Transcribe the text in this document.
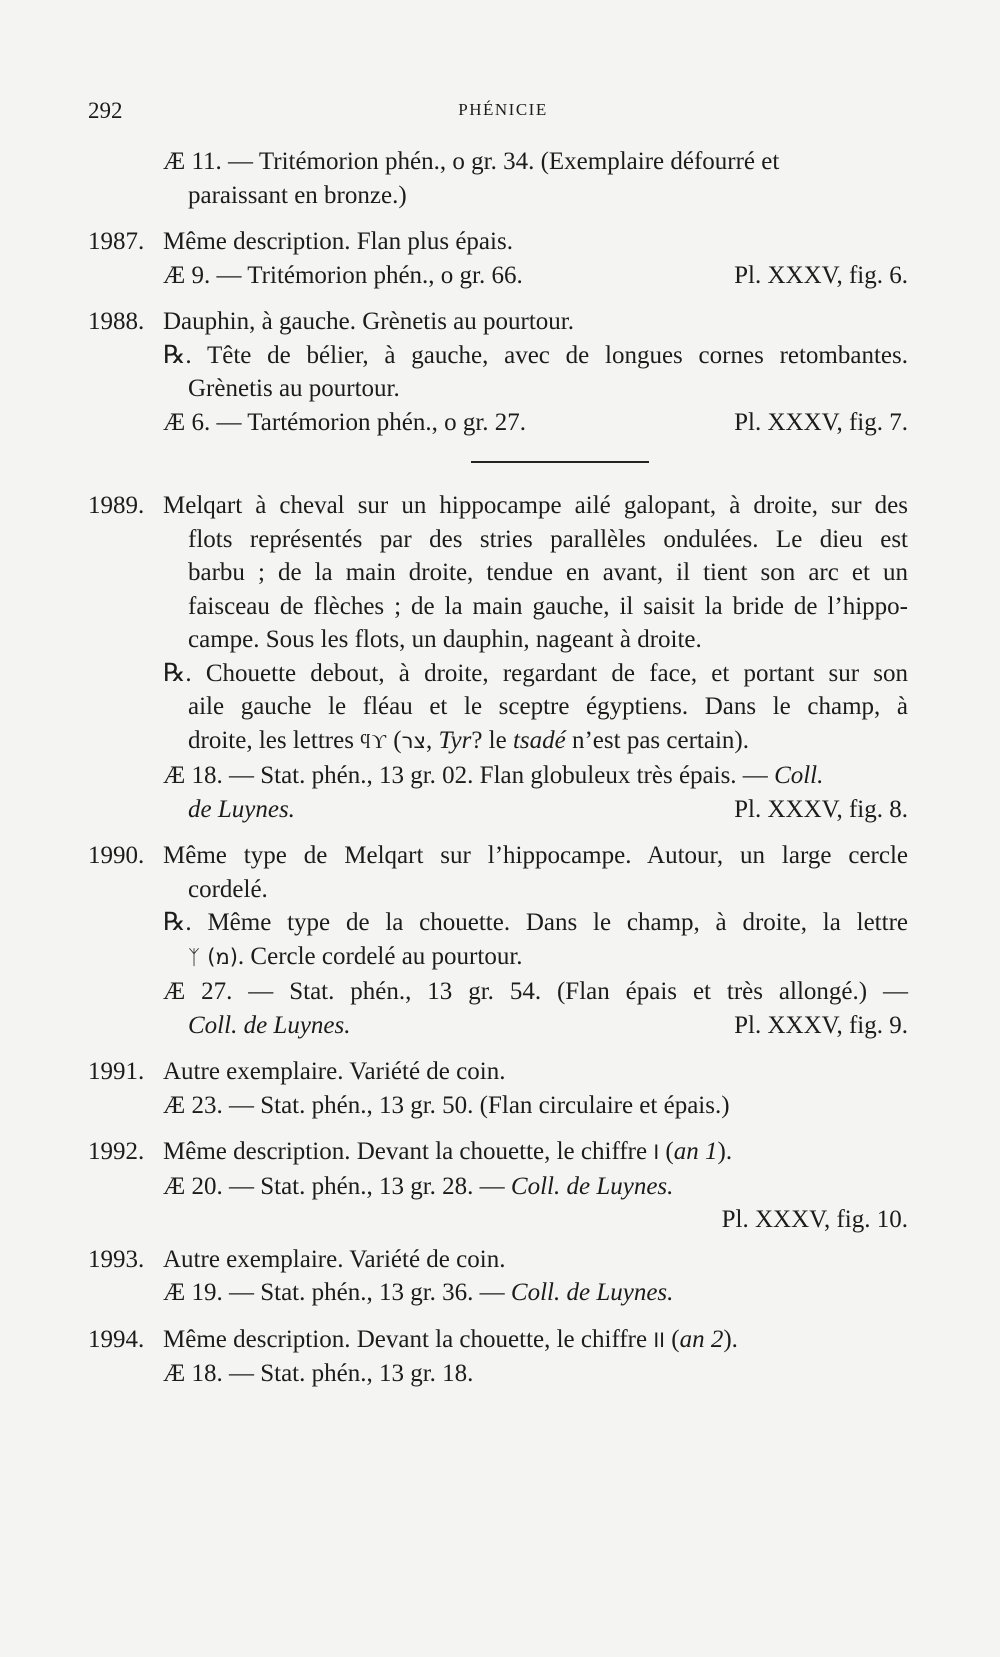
292	PHÉNICIE
Æ 11. — Tritémorion phén., o gr. 34. (Exemplaire défourré et
paraissant en bronze.)
1987. Même description. Flan plus épais.
Æ 9. — Tritémorion phén., o gr. 66.	Pl. XXXV, fig. 6.
1988. Dauphin, à gauche. Grènetis au pourtour.
℞. Tête de bélier, à gauche, avec de longues cornes retombantes.
Grènetis au pourtour.
Æ 6. — Tartémorion phén., o gr. 27.	Pl. XXXV, fig. 7.
1989. Melqart à cheval sur un hippocampe ailé galopant, à droite, sur des
flots représentés par des stries parallèles ondulées. Le dieu est
barbu ; de la main droite, tendue en avant, il tient son arc et un
faisceau de flèches ; de la main gauche, il saisit la bride de l’hippo-
campe. Sous les flots, un dauphin, nageant à droite.
℞. Chouette debout, à droite, regardant de face, et portant sur son
aile gauche le fléau et le sceptre égyptiens. Dans le champ, à
droite, les lettres ϥϒ (צר, Tyr? le tsadé n’est pas certain).
Æ 18. — Stat. phén., 13 gr. 02. Flan globuleux très épais. — Coll.
de Luynes.	Pl. XXXV, fig. 8.
1990. Même type de Melqart sur l’hippocampe. Autour, un large cercle
cordelé.
℞. Même type de la chouette. Dans le champ, à droite, la lettre
ᛉ (מ). Cercle cordelé au pourtour.
Æ 27. — Stat. phén., 13 gr. 54. (Flan épais et très allongé.) —
Coll. de Luynes.	Pl. XXXV, fig. 9.
1991. Autre exemplaire. Variété de coin.
Æ 23. — Stat. phén., 13 gr. 50. (Flan circulaire et épais.)
1992. Même description. Devant la chouette, le chiffre I (an 1).
Æ 20. — Stat. phén., 13 gr. 28. — Coll. de Luynes.
Pl. XXXV, fig. 10.
1993. Autre exemplaire. Variété de coin.
Æ 19. — Stat. phén., 13 gr. 36. — Coll. de Luynes.
1994. Même description. Devant la chouette, le chiffre II (an 2).
Æ 18. — Stat. phén., 13 gr. 18.
